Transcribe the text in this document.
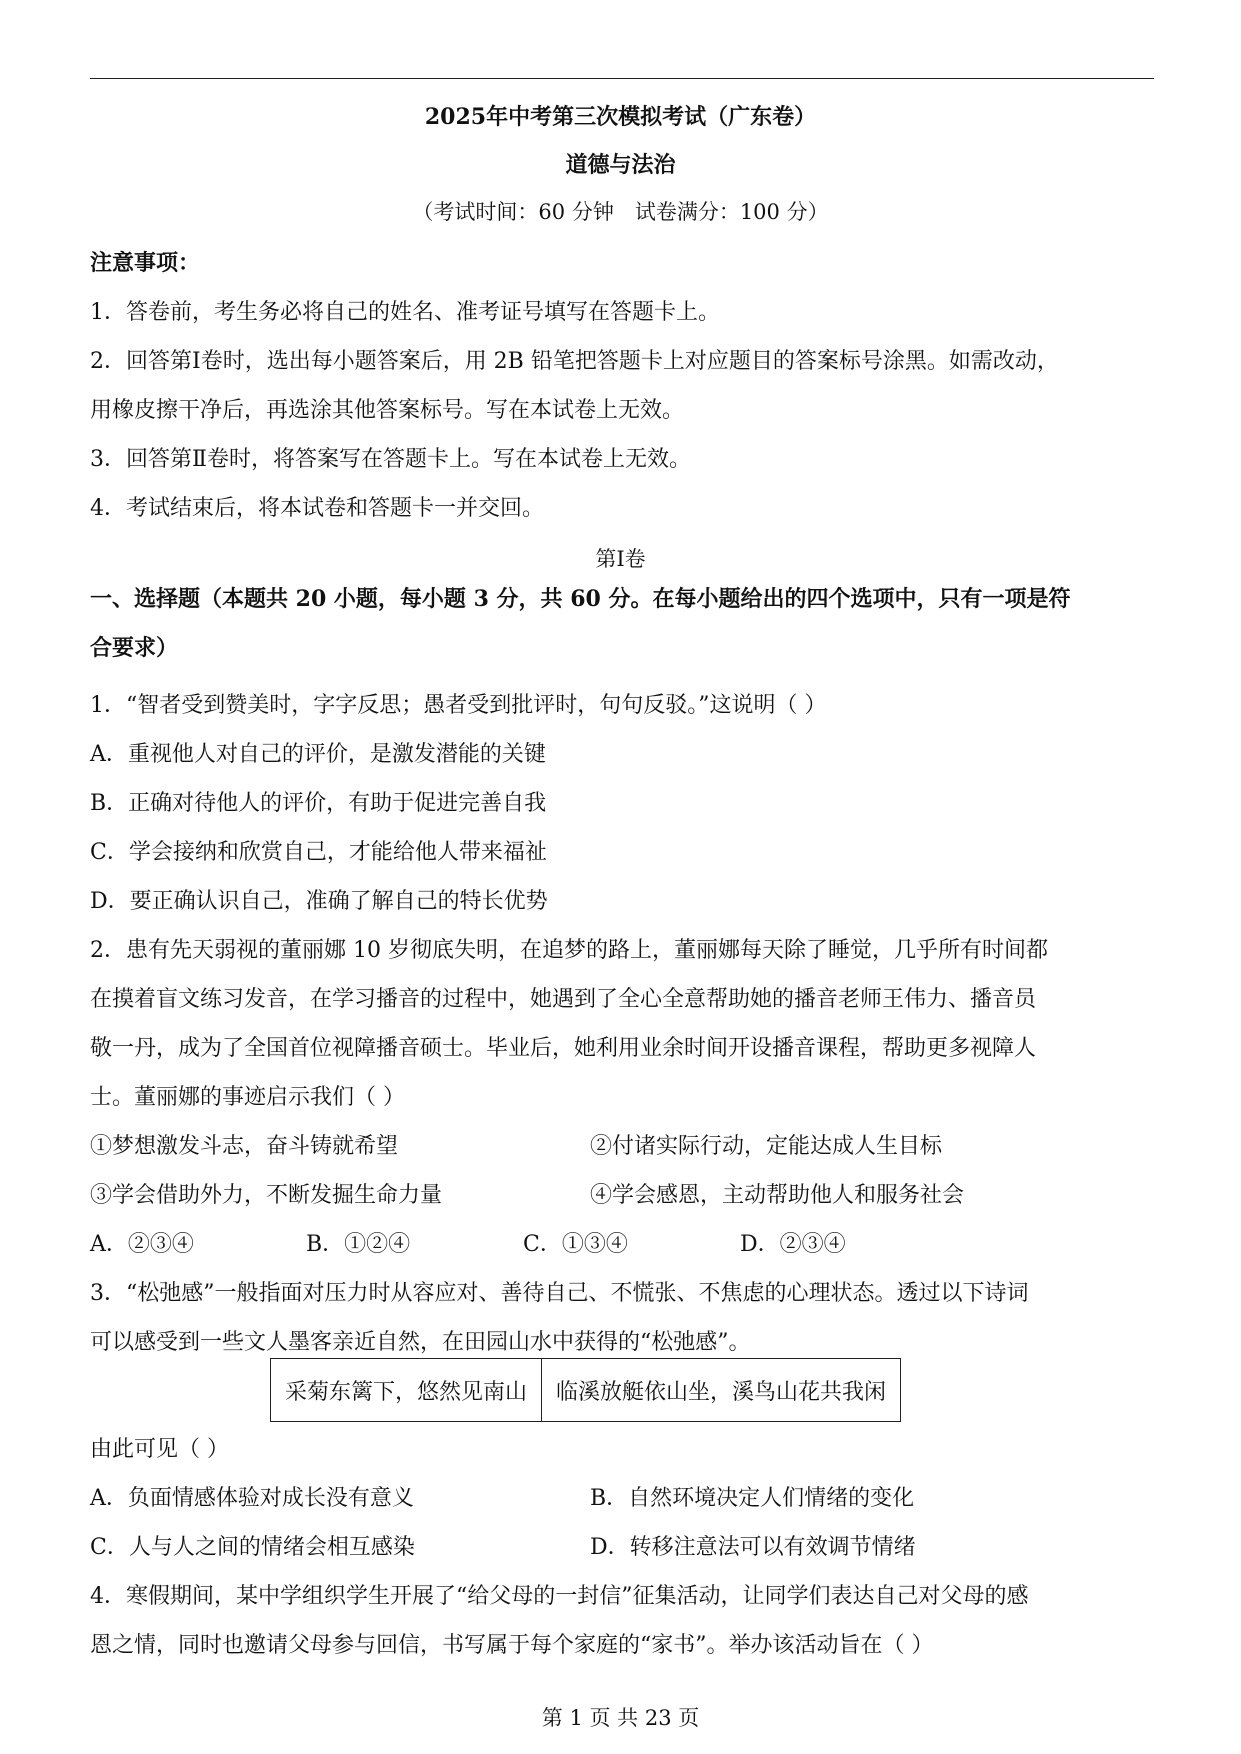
2025年中考第三次模拟考试（广东卷）
道德与法治
（考试时间：60 分钟　试卷满分：100 分）
注意事项：
1．答卷前，考生务必将自己的姓名、准考证号填写在答题卡上。
2．回答第Ⅰ卷时，选出每小题答案后，用 2B 铅笔把答题卡上对应题目的答案标号涂黑。如需改动，
用橡皮擦干净后，再选涂其他答案标号。写在本试卷上无效。
3．回答第Ⅱ卷时，将答案写在答题卡上。写在本试卷上无效。
4．考试结束后，将本试卷和答题卡一并交回。
第Ⅰ卷
一、选择题（本题共 20 小题，每小题 3 分，共 60 分。在每小题给出的四个选项中，只有一项是符
合要求）
1．“智者受到赞美时，字字反思；愚者受到批评时，句句反驳。”这说明（ ）
A．重视他人对自己的评价，是激发潜能的关键
B．正确对待他人的评价，有助于促进完善自我
C．学会接纳和欣赏自己，才能给他人带来福祉
D．要正确认识自己，准确了解自己的特长优势
2．患有先天弱视的董丽娜 10 岁彻底失明，在追梦的路上，董丽娜每天除了睡觉，几乎所有时间都
在摸着盲文练习发音，在学习播音的过程中，她遇到了全心全意帮助她的播音老师王伟力、播音员
敬一丹，成为了全国首位视障播音硕士。毕业后，她利用业余时间开设播音课程，帮助更多视障人
士。董丽娜的事迹启示我们（ ）
①梦想激发斗志，奋斗铸就希望	②付诸实际行动，定能达成人生目标
③学会借助外力，不断发掘生命力量	④学会感恩，主动帮助他人和服务社会
A．②③④	B．①②④	C．①③④	D．②③④
3．“松弛感”一般指面对压力时从容应对、善待自己、不慌张、不焦虑的心理状态。透过以下诗词
可以感受到一些文人墨客亲近自然，在田园山水中获得的“松弛感”。
采菊东篱下，悠然见南山	临溪放艇依山坐，溪鸟山花共我闲
由此可见（ ）
A．负面情感体验对成长没有意义	B．自然环境决定人们情绪的变化
C．人与人之间的情绪会相互感染	D．转移注意法可以有效调节情绪
4．寒假期间，某中学组织学生开展了“给父母的一封信”征集活动，让同学们表达自己对父母的感
恩之情，同时也邀请父母参与回信，书写属于每个家庭的“家书”。举办该活动旨在（ ）
第 1 页 共 23 页
